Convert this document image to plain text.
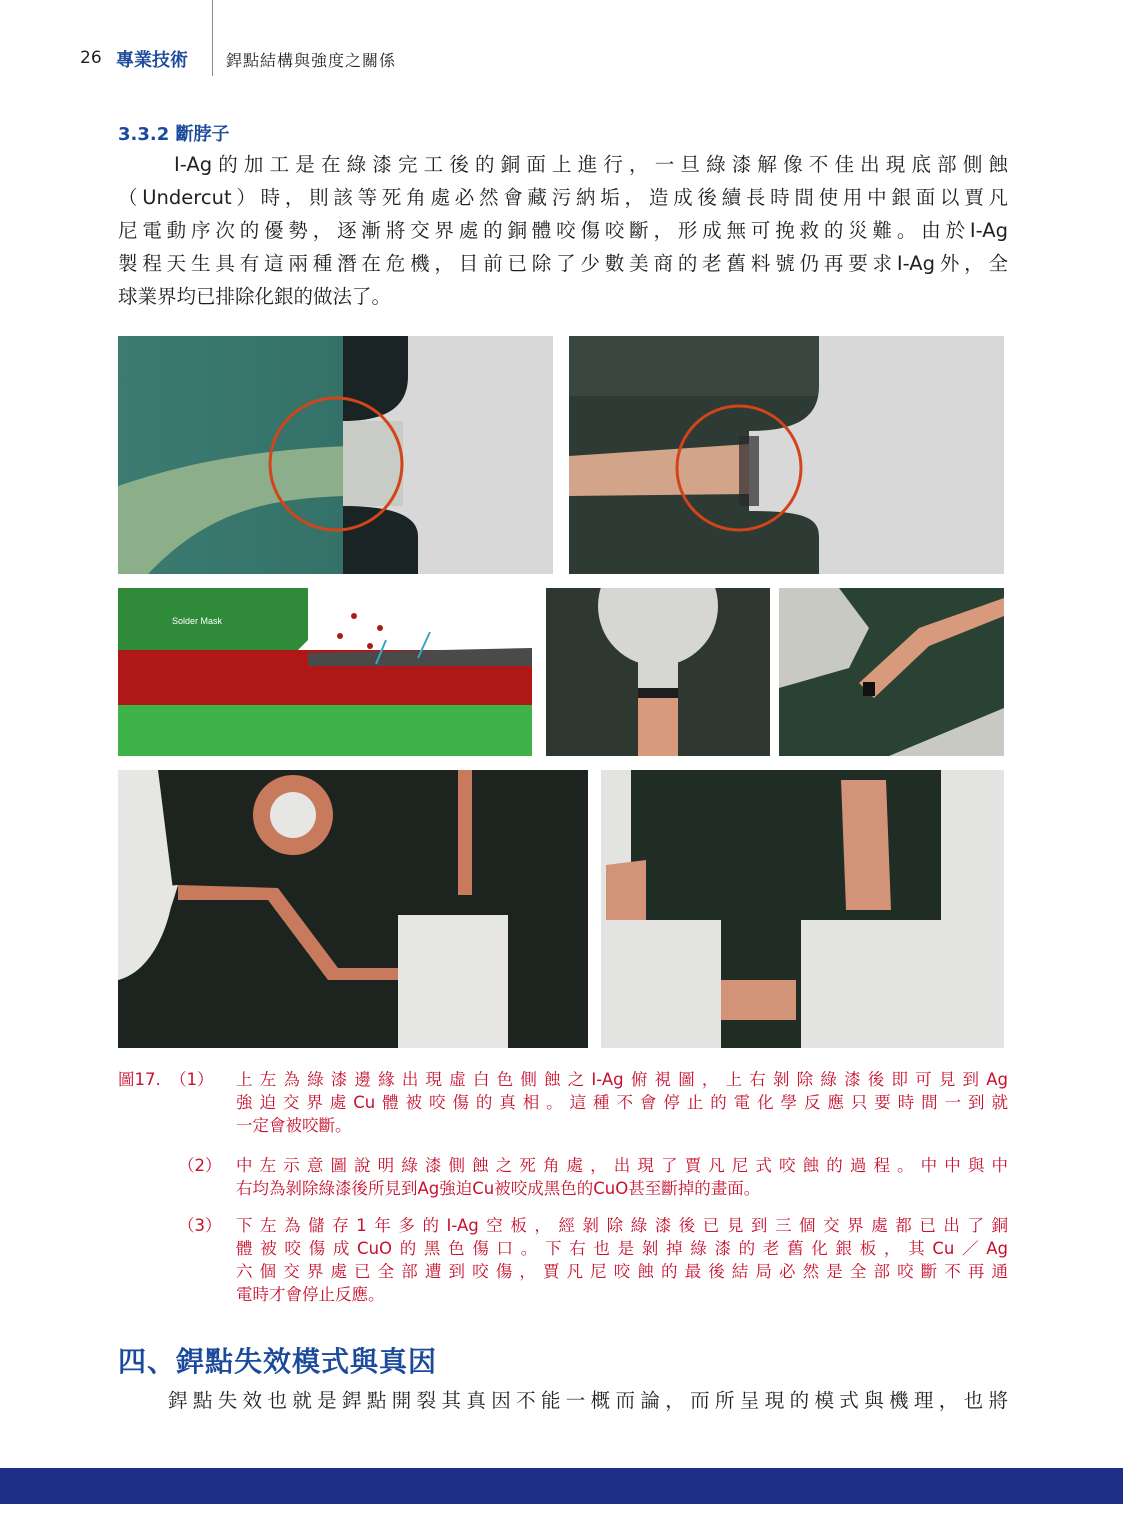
26 專業技術 銲點結構與強度之關係
3.3.2 斷脖子
I-Ag的加工是在綠漆完工後的銅面上進行，一旦綠漆解像不佳出現底部側蝕
（Undercut）時，則該等死角處必然會藏污納垢，造成後續長時間使用中銀面以賈凡
尼電動序次的優勢，逐漸將交界處的銅體咬傷咬斷，形成無可挽救的災難。由於I-Ag
製程天生具有這兩種潛在危機，目前已除了少數美商的老舊料號仍再要求I-Ag外，全
球業界均已排除化銀的做法了。
Solder Mask
圖17. （1） 上左為綠漆邊緣出現虛白色側蝕之I-Ag俯視圖，上右剝除綠漆後即可見到Ag
強迫交界處Cu體被咬傷的真相。這種不會停止的電化學反應只要時間一到就
一定會被咬斷。
（2） 中左示意圖說明綠漆側蝕之死角處，出現了賈凡尼式咬蝕的過程。中中與中
右均為剝除綠漆後所見到Ag強迫Cu被咬成黑色的CuO甚至斷掉的畫面。
（3） 下左為儲存1年多的I-Ag空板，經剝除綠漆後已見到三個交界處都已出了銅
體被咬傷成CuO的黑色傷口。下右也是剝掉綠漆的老舊化銀板，其Cu／Ag
六個交界處已全部遭到咬傷，賈凡尼咬蝕的最後結局必然是全部咬斷不再通
電時才會停止反應。
四、銲點失效模式與真因
銲點失效也就是銲點開裂其真因不能一概而論，而所呈現的模式與機理，也將
